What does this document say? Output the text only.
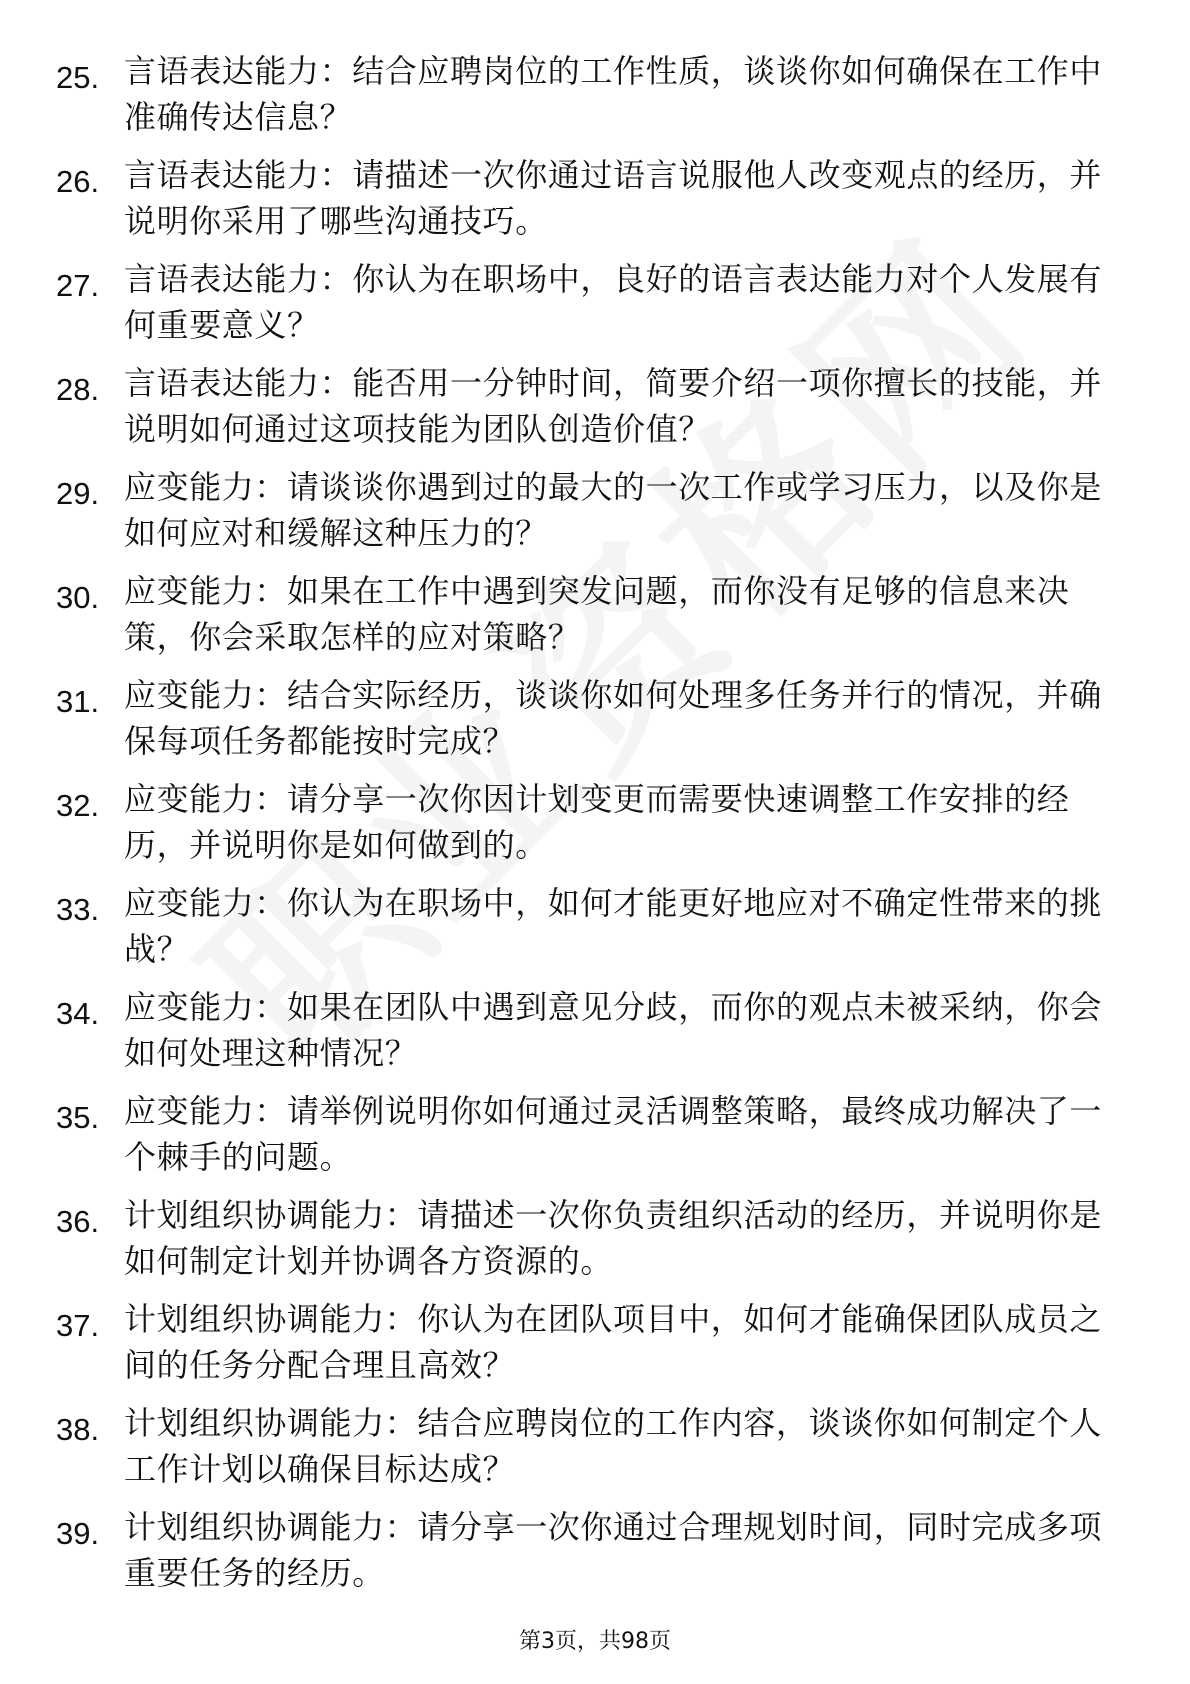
25. 言语表达能力：结合应聘岗位的工作性质，谈谈你如何确保在工作中准确传达信息？
26. 言语表达能力：请描述一次你通过语言说服他人改变观点的经历，并说明你采用了哪些沟通技巧。
27. 言语表达能力：你认为在职场中，良好的语言表达能力对个人发展有何重要意义？
28. 言语表达能力：能否用一分钟时间，简要介绍一项你擅长的技能，并说明如何通过这项技能为团队创造价值？
29. 应变能力：请谈谈你遇到过的最大的一次工作或学习压力，以及你是如何应对和缓解这种压力的？
30. 应变能力：如果在工作中遇到突发问题，而你没有足够的信息来决策，你会采取怎样的应对策略？
31. 应变能力：结合实际经历，谈谈你如何处理多任务并行的情况，并确保每项任务都能按时完成？
32. 应变能力：请分享一次你因计划变更而需要快速调整工作安排的经历，并说明你是如何做到的。
33. 应变能力：你认为在职场中，如何才能更好地应对不确定性带来的挑战？
34. 应变能力：如果在团队中遇到意见分歧，而你的观点未被采纳，你会如何处理这种情况？
35. 应变能力：请举例说明你如何通过灵活调整策略，最终成功解决了一个棘手的问题。
36. 计划组织协调能力：请描述一次你负责组织活动的经历，并说明你是如何制定计划并协调各方资源的。
37. 计划组织协调能力：你认为在团队项目中，如何才能确保团队成员之间的任务分配合理且高效？
38. 计划组织协调能力：结合应聘岗位的工作内容，谈谈你如何制定个人工作计划以确保目标达成？
39. 计划组织协调能力：请分享一次你通过合理规划时间，同时完成多项重要任务的经历。
第3页，共98页
